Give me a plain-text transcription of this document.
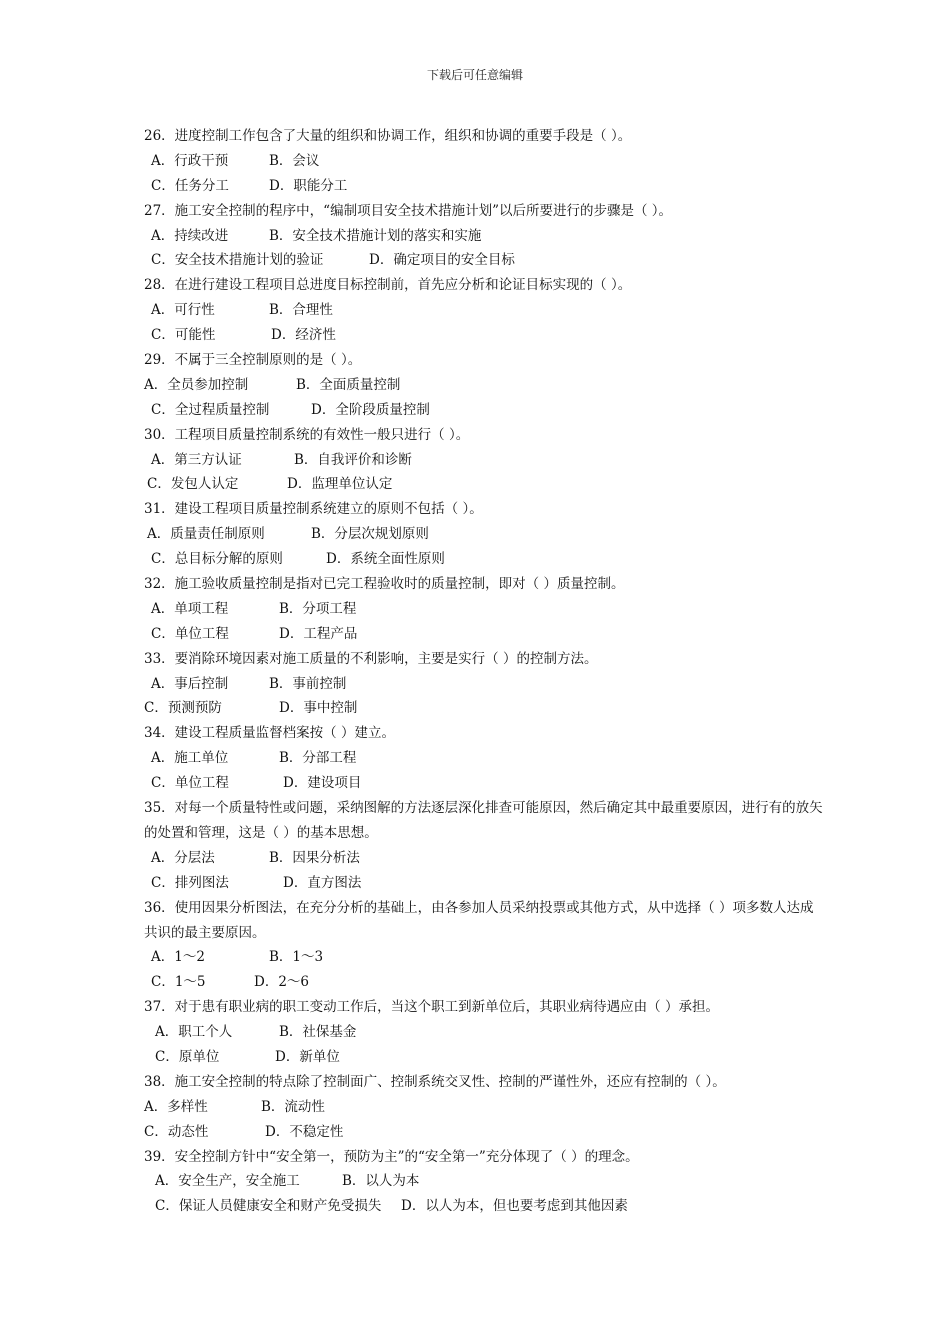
下载后可任意编辑
26．进度控制工作包含了大量的组织和协调工作，组织和协调的重要手段是（ ）。
A．行政干预	B．会议
C．任务分工	D．职能分工
27．施工安全控制的程序中，“编制项目安全技术措施计划”以后所要进行的步骤是（ ）。
A．持续改进	B．安全技术措施计划的落实和实施
C．安全技术措施计划的验证	D．确定项目的安全目标
28．在进行建设工程项目总进度目标控制前，首先应分析和论证目标实现的（ ）。
A．可行性	B．合理性
C．可能性	D．经济性
29．不属于三全控制原则的是（ ）。
A．全员参加控制	B．全面质量控制
C．全过程质量控制	D．全阶段质量控制
30．工程项目质量控制系统的有效性一般只进行（ ）。
A．第三方认证	B．自我评价和诊断
C．发包人认定	D．监理单位认定
31．建设工程项目质量控制系统建立的原则不包括（ ）。
A．质量责任制原则	B．分层次规划原则
C．总目标分解的原则	D．系统全面性原则
32．施工验收质量控制是指对已完工程验收时的质量控制，即对（ ）质量控制。
A．单项工程	B．分项工程
C．单位工程	D．工程产品
33．要消除环境因素对施工质量的不利影响，主要是实行（ ）的控制方法。
A．事后控制	B．事前控制
C．预测预防	D．事中控制
34．建设工程质量监督档案按（ ）建立。
A．施工单位	B．分部工程
C．单位工程	D．建设项目
35．对每一个质量特性或问题，采纳图解的方法逐层深化排查可能原因，然后确定其中最重要原因，进行有的放矢的处置和管理，这是（ ）的基本思想。
A．分层法	B．因果分析法
C．排列图法	D．直方图法
36．使用因果分析图法，在充分分析的基础上，由各参加人员采纳投票或其他方式，从中选择（ ）项多数人达成共识的最主要原因。
A．1～2	B．1～3
C．1～5	D．2～6
37．对于患有职业病的职工变动工作后，当这个职工到新单位后，其职业病待遇应由（ ）承担。
A．职工个人	B．社保基金
C．原单位	D．新单位
38．施工安全控制的特点除了控制面广、控制系统交叉性、控制的严谨性外，还应有控制的（ ）。
A．多样性	B．流动性
C．动态性	D．不稳定性
39．安全控制方针中“安全第一，预防为主”的“安全第一”充分体现了（ ）的理念。
A．安全生产，安全施工	B．以人为本
C．保证人员健康安全和财产免受损失 D．以人为本，但也要考虑到其他因素
